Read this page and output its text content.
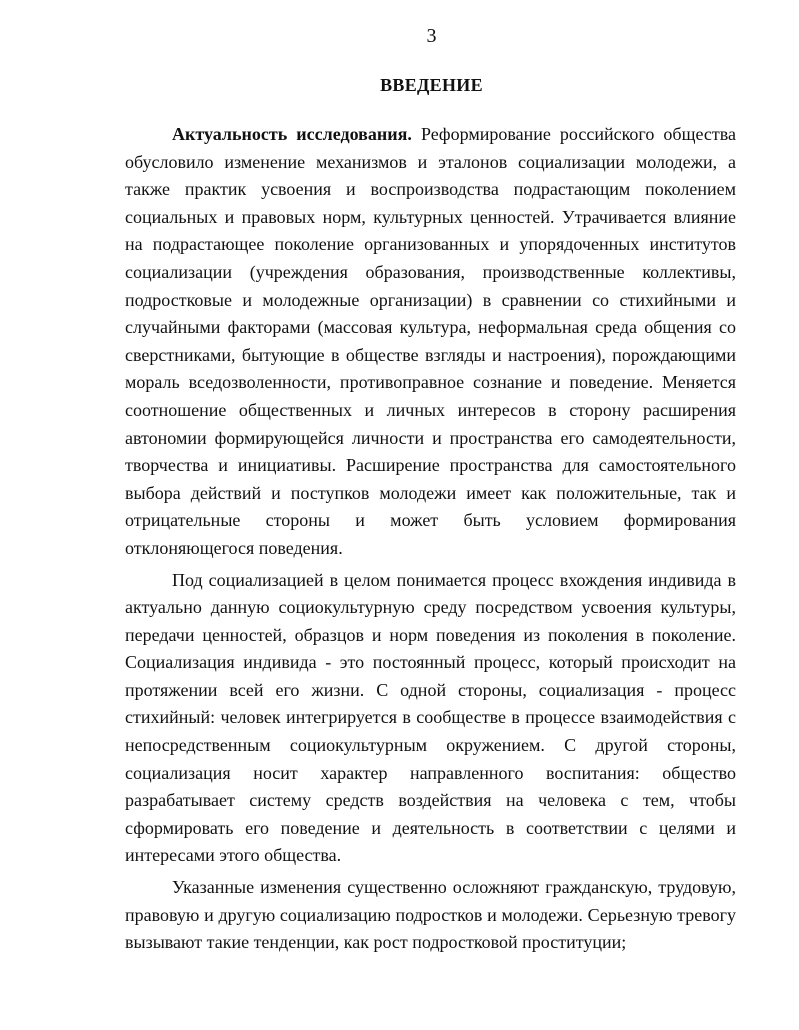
3
ВВЕДЕНИЕ

Актуальность исследования. Реформирование российского общества обусловило изменение механизмов и эталонов социализации молодежи, а также практик усвоения и воспроизводства подрастающим поколением социальных и правовых норм, культурных ценностей. Утрачивается влияние на подрастающее поколение организованных и упорядоченных институтов социализации (учреждения образования, производственные коллективы, подростковые и молодежные организации) в сравнении со стихийными и случайными факторами (массовая культура, неформальная среда общения со сверстниками, бытующие в обществе взгляды и настроения), порождающими мораль вседозволенности, противоправное сознание и поведение. Меняется соотношение общественных и личных интересов в сторону расширения автономии формирующейся личности и пространства его самодеятельности, творчества и инициативы. Расширение пространства для самостоятельного выбора действий и поступков молодежи имеет как положительные, так и отрицательные стороны и может быть условием формирования отклоняющегося поведения.

Под социализацией в целом понимается процесс вхождения индивида в актуально данную социокультурную среду посредством усвоения культуры, передачи ценностей, образцов и норм поведения из поколения в поколение. Социализация индивида - это постоянный процесс, который происходит на протяжении всей его жизни. С одной стороны, социализация - процесс стихийный: человек интегрируется в сообществе в процессе взаимодействия с непосредственным социокультурным окружением. С другой стороны, социализация носит характер направленного воспитания: общество разрабатывает систему средств воздействия на человека с тем, чтобы сформировать его поведение и деятельность в соответствии с целями и интересами этого общества.

Указанные изменения существенно осложняют гражданскую, трудовую, правовую и другую социализацию подростков и молодежи. Серьезную тревогу вызывают такие тенденции, как рост подростковой проституции;
